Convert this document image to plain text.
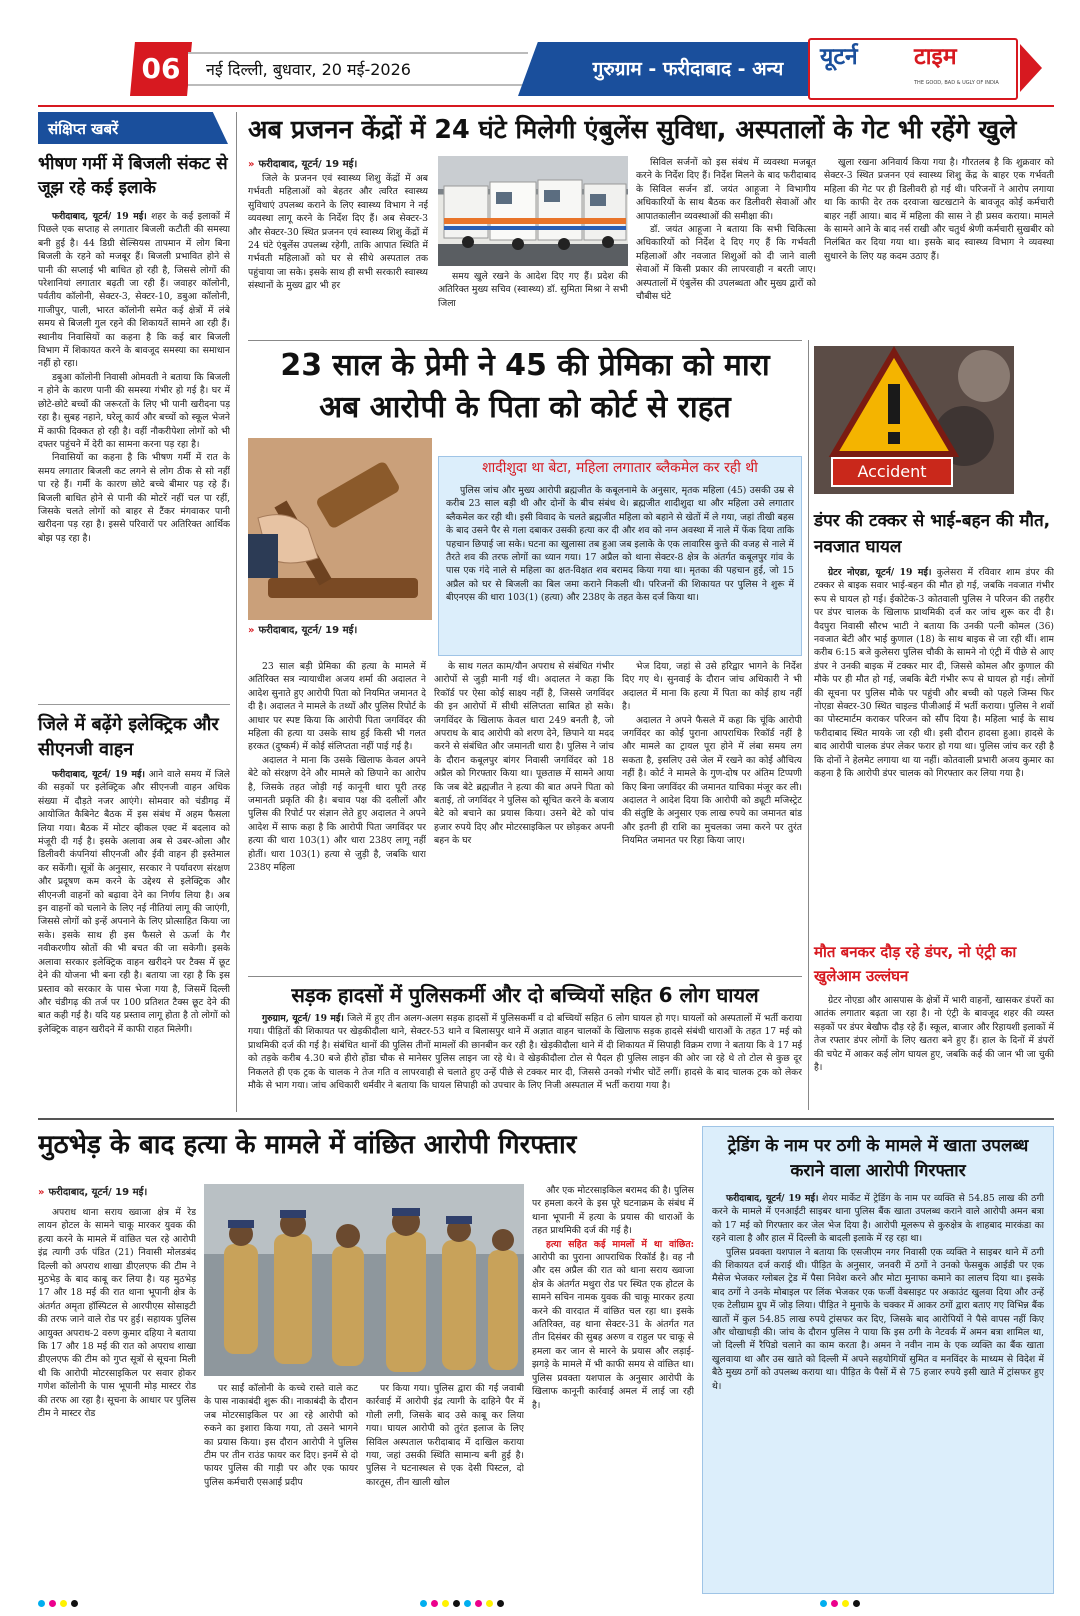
06	नई दिल्ली, बुधवार, 20 मई-2026	गुरुग्राम - फरीदाबाद - अन्य	यूटर्न टाइम
THE GOOD, BAD & UGLY OF INDIA
संक्षिप्त खबरें
भीषण गर्मी में बिजली संकट से जूझ रहे कई इलाके

फरीदाबाद, यूटर्न/ 19 मई। शहर के कई इलाकों में पिछले एक सप्ताह से लगातार बिजली कटौती की समस्या बनी हुई है। 44 डिग्री सेल्सियस तापमान में लोग बिना बिजली के रहने को मजबूर हैं। बिजली प्रभावित होने से पानी की सप्लाई भी बाधित हो रही है, जिससे लोगों की परेशानियां लगातार बढ़ती जा रही हैं। जवाहर कॉलोनी, पर्वतीय कॉलोनी, सेक्टर-3, सेक्टर-10, डबुआ कॉलोनी, गाजीपुर, पाली, भारत कॉलोनी समेत कई क्षेत्रों में लंबे समय से बिजली गुल रहने की शिकायतें सामने आ रही हैं। स्थानीय निवासियों का कहना है कि कई बार बिजली विभाग में शिकायत करने के बावजूद समस्या का समाधान नहीं हो रहा।

डबुआ कॉलोनी निवासी ओमवती ने बताया कि बिजली न होने के कारण पानी की समस्या गंभीर हो गई है। घर में छोटे-छोटे बच्चों की जरूरतों के लिए भी पानी खरीदना पड़ रहा है। सुबह नहाने, घरेलू कार्य और बच्चों को स्कूल भेजने में काफी दिक्कत हो रही है। वहीं नौकरीपेशा लोगों को भी दफ्तर पहुंचने में देरी का सामना करना पड़ रहा है।

निवासियों का कहना है कि भीषण गर्मी में रात के समय लगातार बिजली कट लगने से लोग ठीक से सो नहीं पा रहे हैं। गर्मी के कारण छोटे बच्चे बीमार पड़ रहे हैं। बिजली बाधित होने से पानी की मोटरें नहीं चल पा रहीं, जिसके चलते लोगों को बाहर से टैंकर मंगवाकर पानी खरीदना पड़ रहा है। इससे परिवारों पर अतिरिक्त आर्थिक बोझ पड़ रहा है।

जिले में बढ़ेंगे इलेक्ट्रिक और सीएनजी वाहन

फरीदाबाद, यूटर्न/ 19 मई। आने वाले समय में जिले की सड़कों पर इलेक्ट्रिक और सीएनजी वाहन अधिक संख्या में दौड़ते नजर आएंगे। सोमवार को चंडीगढ़ में आयोजित कैबिनेट बैठक में इस संबंध में अहम फैसला लिया गया। बैठक में मोटर व्हीकल एक्ट में बदलाव को मंजूरी दी गई है। इसके अलावा अब से उबर-ओला और डिलीवरी कंपनियां सीएनजी और ईवी वाहन ही इस्तेमाल कर सकेंगी। सूत्रों के अनुसार, सरकार ने पर्यावरण संरक्षण और प्रदूषण कम करने के उद्देश्य से इलेक्ट्रिक और सीएनजी वाहनों को बढ़ावा देने का निर्णय लिया है। अब इन वाहनों को चलाने के लिए नई नीतियां लागू की जाएंगी, जिससे लोगों को इन्हें अपनाने के लिए प्रोत्साहित किया जा सके। इसके साथ ही इस फैसले से ऊर्जा के गैर नवीकरणीय स्रोतों की भी बचत की जा सकेगी। इसके अलावा सरकार इलेक्ट्रिक वाहन खरीदने पर टैक्स में छूट देने की योजना भी बना रही है। बताया जा रहा है कि इस प्रस्ताव को सरकार के पास भेजा गया है, जिसमें दिल्ली और चंडीगढ़ की तर्ज पर 100 प्रतिशत टैक्स छूट देने की बात कही गई है। यदि यह प्रस्ताव लागू होता है तो लोगों को इलेक्ट्रिक वाहन खरीदने में काफी राहत मिलेगी।

अब प्रजनन केंद्रों में 24 घंटे मिलेगी एंबुलेंस सुविधा, अस्पतालों के गेट भी रहेंगे खुले
» फरीदाबाद, यूटर्न/ 19 मई।

जिले के प्रजनन एवं स्वास्थ्य शिशु केंद्रों में अब गर्भवती महिलाओं को बेहतर और त्वरित स्वास्थ्य सुविधाएं उपलब्ध कराने के लिए स्वास्थ्य विभाग ने नई व्यवस्था लागू करने के निर्देश दिए हैं। अब सेक्टर-3 और सेक्टर-30 स्थित प्रजनन एवं स्वास्थ्य शिशु केंद्रों में 24 घंटे एंबुलेंस उपलब्ध रहेगी, ताकि आपात स्थिति में गर्भवती महिलाओं को घर से सीधे अस्पताल तक पहुंचाया जा सके। इसके साथ ही सभी सरकारी स्वास्थ्य संस्थानों के मुख्य द्वार भी हर

समय खुले रखने के आदेश दिए गए हैं। प्रदेश की अतिरिक्त मुख्य सचिव (स्वास्थ्य) डॉ. सुमिता मिश्रा ने सभी जिला

सिविल सर्जनों को इस संबंध में व्यवस्था मजबूत करने के निर्देश दिए हैं। निर्देश मिलने के बाद फरीदाबाद के सिविल सर्जन डॉ. जयंत आहूजा ने विभागीय अधिकारियों के साथ बैठक कर डिलीवरी सेवाओं और आपातकालीन व्यवस्थाओं की समीक्षा की।

डॉ. जयंत आहूजा ने बताया कि सभी चिकित्सा अधिकारियों को निर्देश दे दिए गए हैं कि गर्भवती महिलाओं और नवजात शिशुओं को दी जाने वाली सेवाओं में किसी प्रकार की लापरवाही न बरती जाए। अस्पतालों में एंबुलेंस की उपलब्धता और मुख्य द्वारों को चौबीस घंटे

खुला रखना अनिवार्य किया गया है। गौरतलब है कि शुक्रवार को सेक्टर-3 स्थित प्रजनन एवं स्वास्थ्य शिशु केंद्र के बाहर एक गर्भवती महिला की गेट पर ही डिलीवरी हो गई थी। परिजनों ने आरोप लगाया था कि काफी देर तक दरवाजा खटखटाने के बावजूद कोई कर्मचारी बाहर नहीं आया। बाद में महिला की सास ने ही प्रसव कराया। मामले के सामने आने के बाद नर्स राखी और चतुर्थ श्रेणी कर्मचारी सुखबीर को निलंबित कर दिया गया था। इसके बाद स्वास्थ्य विभाग ने व्यवस्था सुधारने के लिए यह कदम उठाए हैं।

23 साल के प्रेमी ने 45 की प्रेमिका को मारा
अब आरोपी के पिता को कोर्ट से राहत
» फरीदाबाद, यूटर्न/ 19 मई।
शादीशुदा था बेटा, महिला लगातार ब्लैकमेल कर रही थी

पुलिस जांच और मुख्य आरोपी ब्रह्मजीत के कबूलनामे के अनुसार, मृतक महिला (45) उसकी उम्र से करीब 23 साल बड़ी थी और दोनों के बीच संबंध थे। ब्रह्मजीत शादीशुदा था और महिला उसे लगातार ब्लैकमेल कर रही थी। इसी विवाद के चलते ब्रह्मजीत महिला को बहाने से खेतों में ले गया, जहां तीखी बहस के बाद उसने पैर से गला दबाकर उसकी हत्या कर दी और शव को नग्न अवस्था में नाले में फेंक दिया ताकि पहचान छिपाई जा सके। घटना का खुलासा तब हुआ जब इलाके के एक लावारिस कुत्ते की वजह से नाले में तैरते शव की तरफ लोगों का ध्यान गया। 17 अप्रैल को थाना सेक्टर-8 क्षेत्र के अंतर्गत कबूलपुर गांव के पास एक गंदे नाले से महिला का क्षत-विक्षत शव बरामद किया गया था। मृतका की पहचान हुई, जो 15 अप्रैल को घर से बिजली का बिल जमा कराने निकली थी। परिजनों की शिकायत पर पुलिस ने शुरू में बीएनएस की धारा 103(1) (हत्या) और 238ए के तहत केस दर्ज किया था।

23 साल बड़ी प्रेमिका की हत्या के मामले में अतिरिक्त सत्र न्यायाधीश अजय शर्मा की अदालत ने आदेश सुनाते हुए आरोपी पिता को नियमित जमानत दे दी है। अदालत ने मामले के तथ्यों और पुलिस रिपोर्ट के आधार पर स्पष्ट किया कि आरोपी पिता जगविंदर की महिला की हत्या या उसके साथ हुई किसी भी गलत हरकत (दुष्कर्म) में कोई संलिप्तता नहीं पाई गई है।

अदालत ने माना कि उसके खिलाफ केवल अपने बेटे को संरक्षण देने और मामले को छिपाने का आरोप है, जिसके तहत जोड़ी गई कानूनी धारा पूरी तरह जमानती प्रकृति की है। बचाव पक्ष की दलीलों और पुलिस की रिपोर्ट पर संज्ञान लेते हुए अदालत ने अपने आदेश में साफ कहा है कि आरोपी पिता जगविंदर पर हत्या की धारा 103(1) और धारा 238ए लागू नहीं होतीं। धारा 103(1) हत्या से जुड़ी है, जबकि धारा 238ए महिला

के साथ गलत काम/यौन अपराध से संबंधित गंभीर आरोपों से जुड़ी मानी गई थी। अदालत ने कहा कि रिकॉर्ड पर ऐसा कोई साक्ष्य नहीं है, जिससे जगविंदर की इन आरोपों में सीधी संलिप्तता साबित हो सके। जगविंदर के खिलाफ केवल धारा 249 बनती है, जो अपराध के बाद आरोपी को शरण देने, छिपाने या मदद करने से संबंधित और जमानती धारा है। पुलिस ने जांच के दौरान कबूलपुर बांगर निवासी जगविंदर को 18 अप्रैल को गिरफ्तार किया था। पूछताछ में सामने आया कि जब बेटे ब्रह्मजीत ने हत्या की बात अपने पिता को बताई, तो जगविंदर ने पुलिस को सूचित करने के बजाय बेटे को बचाने का प्रयास किया। उसने बेटे को पांच हजार रुपये दिए और मोटरसाइकिल पर छोड़कर अपनी बहन के घर

भेज दिया, जहां से उसे हरिद्वार भागने के निर्देश दिए गए थे। सुनवाई के दौरान जांच अधिकारी ने भी अदालत में माना कि हत्या में पिता का कोई हाथ नहीं है।

अदालत ने अपने फैसले में कहा कि चूंकि आरोपी जगविंदर का कोई पुराना आपराधिक रिकॉर्ड नहीं है और मामले का ट्रायल पूरा होने में लंबा समय लग सकता है, इसलिए उसे जेल में रखने का कोई औचित्य नहीं है। कोर्ट ने मामले के गुण-दोष पर अंतिम टिप्पणी किए बिना जगविंदर की जमानत याचिका मंजूर कर ली। अदालत ने आदेश दिया कि आरोपी को ड्यूटी मजिस्ट्रेट की संतुष्टि के अनुसार एक लाख रुपये का जमानत बांड और इतनी ही राशि का मुचलका जमा करने पर तुरंत नियमित जमानत पर रिहा किया जाए।

Accident
डंपर की टक्कर से भाई-बहन की मौत, नवजात घायल

ग्रेटर नोएडा, यूटर्न/ 19 मई। कुलेसरा में रविवार शाम डंपर की टक्कर से बाइक सवार भाई-बहन की मौत हो गई, जबकि नवजात गंभीर रूप से घायल हो गई। ईकोटेक-3 कोतवाली पुलिस ने परिजन की तहरीर पर डंपर चालक के खिलाफ प्राथमिकी दर्ज कर जांच शुरू कर दी है। वैदपुरा निवासी सौरभ भाटी ने बताया कि उनकी पत्नी कोमल (36) नवजात बेटी और भाई कुणाल (18) के साथ बाइक से जा रही थीं। शाम करीब 6:15 बजे कुलेसरा पुलिस चौकी के सामने नो एंट्री में पीछे से आए डंपर ने उनकी बाइक में टक्कर मार दी, जिससे कोमल और कुणाल की मौके पर ही मौत हो गई, जबकि बेटी गंभीर रूप से घायल हो गई। लोगों की सूचना पर पुलिस मौके पर पहुंची और बच्ची को पहले जिम्स फिर नोएडा सेक्टर-30 स्थित चाइल्ड पीजीआई में भर्ती कराया। पुलिस ने शवों का पोस्टमार्टम कराकर परिजन को सौंप दिया है। महिला भाई के साथ फरीदाबाद स्थित मायके जा रही थी। इसी दौरान हादसा हुआ। हादसे के बाद आरोपी चालक डंपर लेकर फरार हो गया था। पुलिस जांच कर रही है कि दोनों ने हेलमेट लगाया था या नहीं। कोतवाली प्रभारी अजय कुमार का कहना है कि आरोपी डंपर चालक को गिरफ्तार कर लिया गया है।

मौत बनकर दौड़ रहे डंपर, नो एंट्री का खुलेआम उल्लंघन

ग्रेटर नोएडा और आसपास के क्षेत्रों में भारी वाहनों, खासकर डंपरों का आतंक लगातार बढ़ता जा रहा है। नो एंट्री के बावजूद शहर की व्यस्त सड़कों पर डंपर बेखौफ दौड़ रहे हैं। स्कूल, बाजार और रिहायशी इलाकों में तेज रफ्तार डंपर लोगों के लिए खतरा बने हुए हैं। हाल के दिनों में डंपरों की चपेट में आकर कई लोग घायल हुए, जबकि कई की जान भी जा चुकी है।

सड़क हादसों में पुलिसकर्मी और दो बच्चियों सहित 6 लोग घायल

गुरुग्राम, यूटर्न/ 19 मई। जिले में हुए तीन अलग-अलग सड़क हादसों में पुलिसकर्मी व दो बच्चियों सहित 6 लोग घायल हो गए। घायलों को अस्पतालों में भर्ती कराया गया। पीड़ितों की शिकायत पर खेड़कीदौला थाने, सेक्टर-53 थाने व बिलासपुर थाने में अज्ञात वाहन चालकों के खिलाफ सड़क हादसे संबंधी धाराओं के तहत 17 मई को प्राथमिकी दर्ज की गई है। संबंधित थानों की पुलिस तीनों मामलों की छानबीन कर रही है। खेड़कीदौला थाने में दी शिकायत में सिपाही विक्रम राणा ने बताया कि वे 17 मई को तड़के करीब 4.30 बजे हीरो होंडा चौक से मानेसर पुलिस लाइन जा रहे थे। वे खेड़कीदौला टोल से पैदल ही पुलिस लाइन की ओर जा रहे थे तो टोल से कुछ दूर निकलते ही एक ट्रक के चालक ने तेज गति व लापरवाही से चलाते हुए उन्हें पीछे से टक्कर मार दी, जिससे उनको गंभीर चोटें लगीं। हादसे के बाद चालक ट्रक को लेकर मौके से भाग गया। जांच अधिकारी धर्मवीर ने बताया कि घायल सिपाही को उपचार के लिए निजी अस्पताल में भर्ती कराया गया है।

मुठभेड़ के बाद हत्या के मामले में वांछित आरोपी गिरफ्तार
» फरीदाबाद, यूटर्न/ 19 मई।

अपराध थाना सराय ख्वाजा क्षेत्र में रेड लायन होटल के सामने चाकू मारकर युवक की हत्या करने के मामले में वांछित चल रहे आरोपी इंद्र त्यागी उर्फ पंडित (21) निवासी मोलडबंद दिल्ली को अपराध शाखा डीएलएफ की टीम ने मुठभेड़ के बाद काबू कर लिया है। यह मुठभेड़ 17 और 18 मई की रात थाना भूपानी क्षेत्र के अंतर्गत अमृता हॉस्पिटल से आरपीएस सोसाइटी की तरफ जाने वाले रोड पर हुई। सहायक पुलिस आयुक्त अपराध-2 वरुण कुमार दहिया ने बताया कि 17 और 18 मई की रात को अपराध शाखा डीएलएफ की टीम को गुप्त सूत्रों से सूचना मिली थी कि आरोपी मोटरसाइकिल पर सवार होकर गणेश कॉलोनी के पास भूपानी मोड़ मास्टर रोड की तरफ आ रहा है। सूचना के आधार पर पुलिस टीम ने मास्टर रोड

पर साईं कॉलोनी के कच्चे रास्ते वाले कट के पास नाकाबंदी शुरू की। नाकाबंदी के दौरान जब मोटरसाइकिल पर आ रहे आरोपी को रुकने का इशारा किया गया, तो उसने भागने का प्रयास किया। इस दौरान आरोपी ने पुलिस टीम पर तीन राउंड फायर कर दिए। इनमें से दो फायर पुलिस की गाड़ी पर और एक फायर पुलिस कर्मचारी एसआई प्रदीप

पर किया गया। पुलिस द्वारा की गई जवाबी कार्रवाई में आरोपी इंद्र त्यागी के दाहिने पैर में गोली लगी, जिसके बाद उसे काबू कर लिया गया। घायल आरोपी को तुरंत इलाज के लिए सिविल अस्पताल फरीदाबाद में दाखिल कराया गया, जहां उसकी स्थिति सामान्य बनी हुई है। पुलिस ने घटनास्थल से एक देसी पिस्टल, दो कारतूस, तीन खाली खोल

और एक मोटरसाइकिल बरामद की है। पुलिस पर हमला करने के इस पूरे घटनाक्रम के संबंध में थाना भूपानी में हत्या के प्रयास की धाराओं के तहत प्राथमिकी दर्ज की गई है।

हत्या सहित कई मामलों में था वांछित: आरोपी का पुराना आपराधिक रिकॉर्ड है। वह नौ और दस अप्रैल की रात को थाना सराय ख्वाजा क्षेत्र के अंतर्गत मथुरा रोड पर स्थित एक होटल के सामने सचिन नामक युवक की चाकू मारकर हत्या करने की वारदात में वांछित चल रहा था। इसके अतिरिक्त, वह थाना सेक्टर-31 के अंतर्गत गत तीन दिसंबर की सुबह अरुण व राहुल पर चाकू से हमला कर जान से मारने के प्रयास और लड़ाई-झगड़े के मामले में भी काफी समय से वांछित था। पुलिस प्रवक्ता यशपाल के अनुसार आरोपी के खिलाफ कानूनी कार्रवाई अमल में लाई जा रही है।

ट्रेडिंग के नाम पर ठगी के मामले में खाता उपलब्ध कराने वाला आरोपी गिरफ्तार

फरीदाबाद, यूटर्न/ 19 मई। शेयर मार्केट में ट्रेडिंग के नाम पर व्यक्ति से 54.85 लाख की ठगी करने के मामले में एनआईटी साइबर थाना पुलिस बैंक खाता उपलब्ध कराने वाले आरोपी अमन बत्रा को 17 मई को गिरफ्तार कर जेल भेज दिया है। आरोपी मूलरूप से कुरुक्षेत्र के शाहबाद मारकंडा का रहने वाला है और हाल में दिल्ली के बादली इलाके में रह रहा था।

पुलिस प्रवक्ता यशपाल ने बताया कि एसजीएम नगर निवासी एक व्यक्ति ने साइबर थाने में ठगी की शिकायत दर्ज कराई थी। पीड़ित के अनुसार, जनवरी में ठगों ने उनको फेसबुक आईडी पर एक मैसेज भेजकर ग्लोबल ट्रेड में पैसा निवेश करने और मोटा मुनाफा कमाने का लालच दिया था। इसके बाद ठगों ने उनके मोबाइल पर लिंक भेजकर एक फर्जी वेबसाइट पर अकाउंट खुलवा दिया और उन्हें एक टेलीग्राम ग्रुप में जोड़ लिया। पीड़ित ने मुनाफे के चक्कर में आकर ठगों द्वारा बताए गए विभिन्न बैंक खातों में कुल 54.85 लाख रुपये ट्रांसफर कर दिए, जिसके बाद आरोपियों ने पैसे वापस नहीं किए और धोखाधड़ी की। जांच के दौरान पुलिस ने पाया कि इस ठगी के नेटवर्क में अमन बत्रा शामिल था, जो दिल्ली में रैपिडो चलाने का काम करता है। अमन ने नवीन नाम के एक व्यक्ति का बैंक खाता खुलवाया था और उस खाते को दिल्ली में अपने सहयोगियों सुमित व मनविंदर के माध्यम से विदेश में बैठे मुख्य ठगों को उपलब्ध कराया था। पीड़ित के पैसों में से 75 हजार रुपये इसी खाते में ट्रांसफर हुए थे।
